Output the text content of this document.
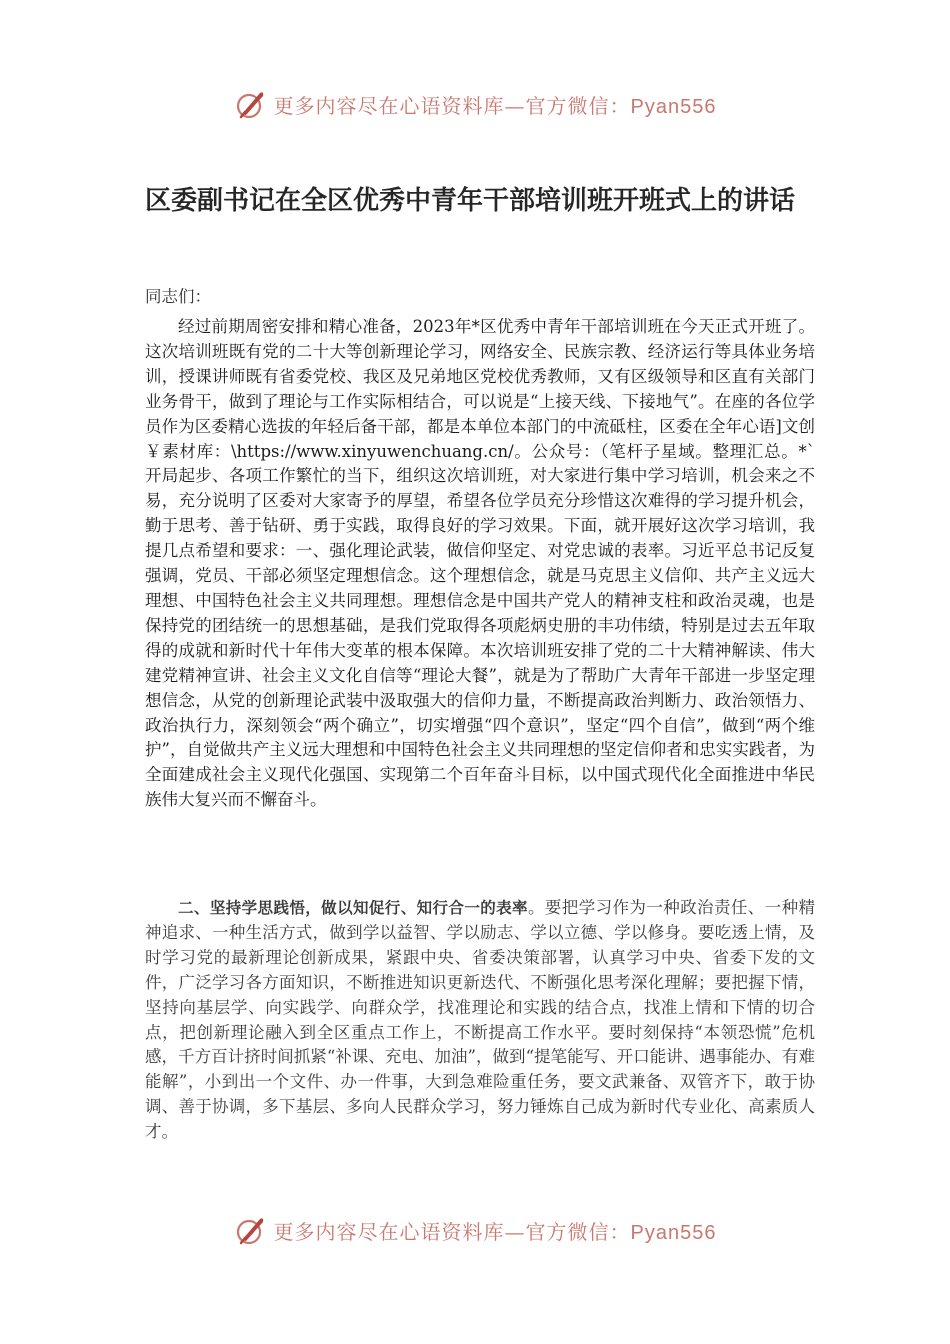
更多内容尽在心语资料库—官方微信：Pyan556
区委副书记在全区优秀中青年干部培训班开班式上的讲话

同志们：

经过前期周密安排和精心准备，2023年*区优秀中青年干部培训班在今天正式开班了。这次培训班既有党的二十大等创新理论学习，网络安全、民族宗教、经济运行等具体业务培训，授课讲师既有省委党校、我区及兄弟地区党校优秀教师，又有区级领导和区直有关部门业务骨干，做到了理论与工作实际相结合，可以说是“上接天线、下接地气”。在座的各位学员作为区委精心选拔的年轻后备干部，都是本单位本部门的中流砥柱，区委在全年心语]文创￥素材库：\https://www.xinyuwenchuang.cn/。公众号：（笔杆子星域。整理汇总。*`开局起步、各项工作繁忙的当下，组织这次培训班，对大家进行集中学习培训，机会来之不易，充分说明了区委对大家寄予的厚望，希望各位学员充分珍惜这次难得的学习提升机会，勤于思考、善于钻研、勇于实践，取得良好的学习效果。下面，就开展好这次学习培训，我提几点希望和要求：一、强化理论武装，做信仰坚定、对党忠诚的表率。习近平总书记反复强调，党员、干部必须坚定理想信念。这个理想信念，就是马克思主义信仰、共产主义远大理想、中国特色社会主义共同理想。理想信念是中国共产党人的精神支柱和政治灵魂，也是保持党的团结统一的思想基础，是我们党取得各项彪炳史册的丰功伟绩，特别是过去五年取得的成就和新时代十年伟大变革的根本保障。本次培训班安排了党的二十大精神解读、伟大建党精神宣讲、社会主义文化自信等“理论大餐”，就是为了帮助广大青年干部进一步坚定理想信念，从党的创新理论武装中汲取强大的信仰力量，不断提高政治判断力、政治领悟力、政治执行力，深刻领会“两个确立”，切实增强“四个意识”，坚定“四个自信”，做到“两个维护”，自觉做共产主义远大理想和中国特色社会主义共同理想的坚定信仰者和忠实实践者，为全面建成社会主义现代化强国、实现第二个百年奋斗目标，以中国式现代化全面推进中华民族伟大复兴而不懈奋斗。

二、坚持学思践悟，做以知促行、知行合一的表率。要把学习作为一种政治责任、一种精神追求、一种生活方式，做到学以益智、学以励志、学以立德、学以修身。要吃透上情，及时学习党的最新理论创新成果，紧跟中央、省委决策部署，认真学习中央、省委下发的文件，广泛学习各方面知识，不断推进知识更新迭代、不断强化思考深化理解；要把握下情，坚持向基层学、向实践学、向群众学，找准理论和实践的结合点，找准上情和下情的切合点，把创新理论融入到全区重点工作上，不断提高工作水平。要时刻保持“本领恐慌”危机感，千方百计挤时间抓紧“补课、充电、加油”，做到“提笔能写、开口能讲、遇事能办、有难能解”，小到出一个文件、办一件事，大到急难险重任务，要文武兼备、双管齐下，敢于协调、善于协调，多下基层、多向人民群众学习，努力锤炼自己成为新时代专业化、高素质人才。

更多内容尽在心语资料库—官方微信：Pyan556
